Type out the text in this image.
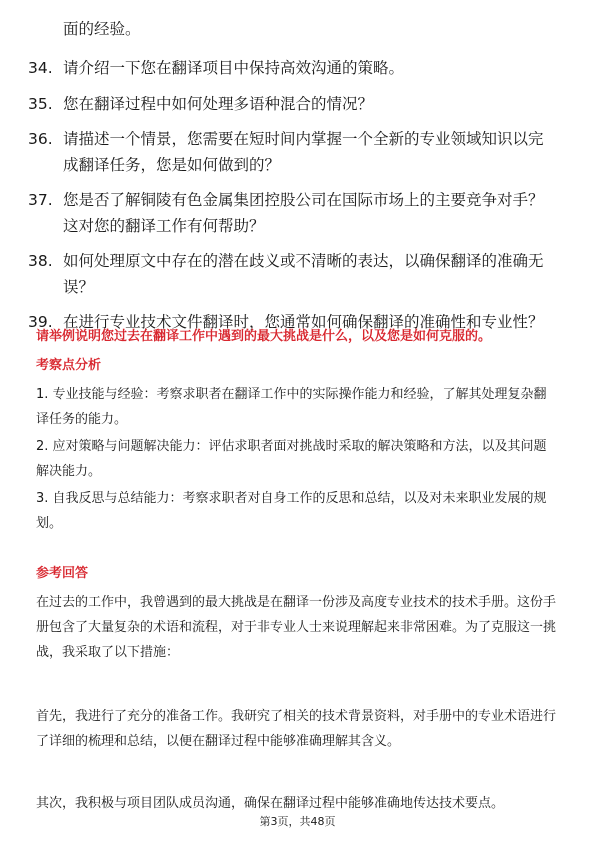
面的经验。

34. 请介绍一下您在翻译项目中保持高效沟通的策略。
35. 您在翻译过程中如何处理多语种混合的情况？
36. 请描述一个情景，您需要在短时间内掌握一个全新的专业领域知识以完成翻译任务，您是如何做到的？
37. 您是否了解铜陵有色金属集团控股公司在国际市场上的主要竞争对手？这对您的翻译工作有何帮助？
38. 如何处理原文中存在的潜在歧义或不清晰的表达，以确保翻译的准确无误？
39. 在进行专业技术文件翻译时，您通常如何确保翻译的准确性和专业性？

请举例说明您过去在翻译工作中遇到的最大挑战是什么，以及您是如何克服的。

考察点分析

1. 专业技能与经验：考察求职者在翻译工作中的实际操作能力和经验，了解其处理复杂翻译任务的能力。

2. 应对策略与问题解决能力：评估求职者面对挑战时采取的解决策略和方法，以及其问题解决能力。

3. 自我反思与总结能力：考察求职者对自身工作的反思和总结，以及对未来职业发展的规划。

参考回答

在过去的工作中，我曾遇到的最大挑战是在翻译一份涉及高度专业技术的技术手册。这份手册包含了大量复杂的术语和流程，对于非专业人士来说理解起来非常困难。为了克服这一挑战，我采取了以下措施：

首先，我进行了充分的准备工作。我研究了相关的技术背景资料，对手册中的专业术语进行了详细的梳理和总结，以便在翻译过程中能够准确理解其含义。

其次，我积极与项目团队成员沟通，确保在翻译过程中能够准确地传达技术要点。

第3页，共48页
